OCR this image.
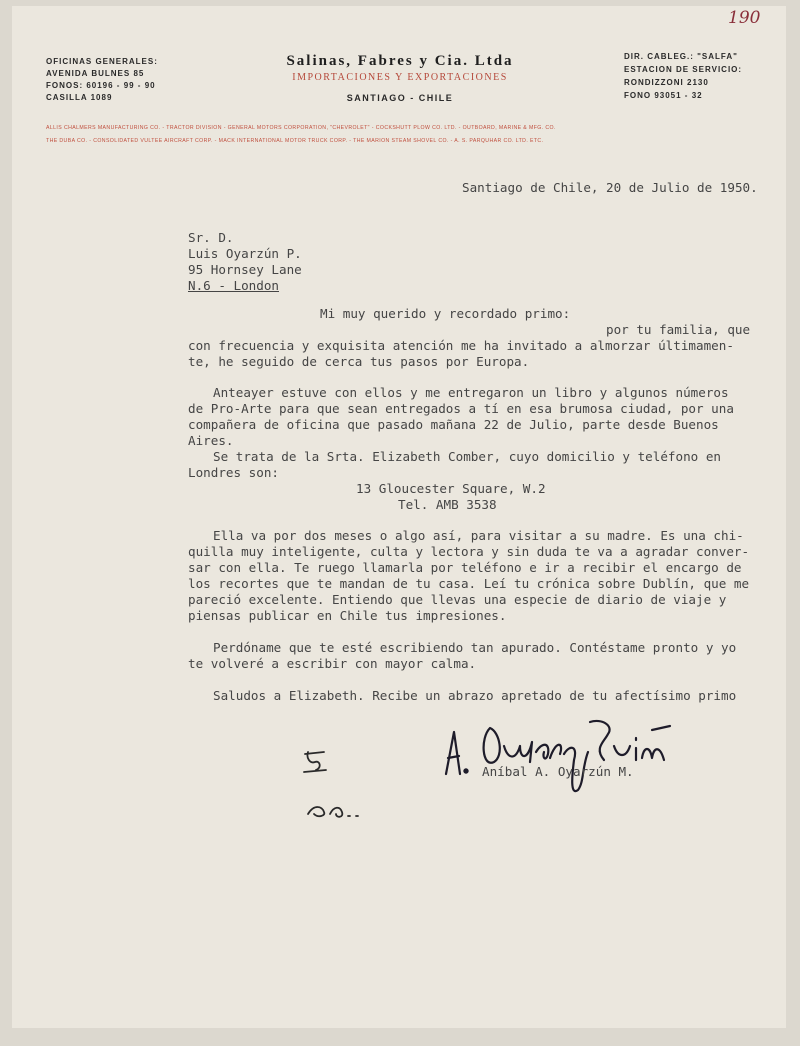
190
OFICINAS GENERALES:
AVENIDA BULNES 85
FONOS: 60196 - 99 - 90
CASILLA 1089
Salinas, Fabres y Cia. Ltda
IMPORTACIONES Y EXPORTACIONES
SANTIAGO - CHILE
DIR. CABLEG.: "SALFA"
ESTACION DE SERVICIO:
RONDIZZONI 2130
FONO 93051 - 32
ALLIS CHALMERS MANUFACTURING CO. - TRACTOR DIVISION - GENERAL MOTORS CORPORATION, "CHEVROLET" - COCKSHUTT PLOW CO. LTD. - OUTBOARD, MARINE & MFG. CO.
THE DUBA CO. - CONSOLIDATED VULTEE AIRCRAFT CORP. - MACK INTERNATIONAL MOTOR TRUCK CORP. - THE MARION STEAM SHOVEL CO. - A. S. PARQUHAR CO. LTD. ETC.
Santiago de Chile, 20 de Julio de 1950.
Sr. D.
Luis Oyarzún P.
95 Hornsey Lane
N.6 - London
Mi muy querido y recordado primo:
por tu familia, que
con frecuencia y exquisita atención me ha invitado a almorzar últimamen-
te, he seguido de cerca tus pasos por Europa.
Anteayer estuve con ellos y me entregaron un libro y algunos números
de Pro-Arte para que sean entregados a tí en esa brumosa ciudad, por una
compañera de oficina que pasado mañana 22 de Julio, parte desde Buenos
Aires.
Se trata de la Srta. Elizabeth Comber, cuyo domicilio y teléfono en
Londres son:
13 Gloucester Square, W.2
Tel. AMB 3538
Ella va por dos meses o algo así, para visitar a su madre. Es una chi-
quilla muy inteligente, culta y lectora y sin duda te va a agradar conver-
sar con ella. Te ruego llamarla por teléfono e ir a recibir el encargo de
los recortes que te mandan de tu casa. Leí tu crónica sobre Dublín, que me
pareció excelente. Entiendo que llevas una especie de diario de viaje y
piensas publicar en Chile tus impresiones.
Perdóname que te esté escribiendo tan apurado. Contéstame pronto y yo
te volveré a escribir con mayor calma.
Saludos a Elizabeth. Recibe un abrazo apretado de tu afectísimo primo
Aníbal A. Oyarzún M.
